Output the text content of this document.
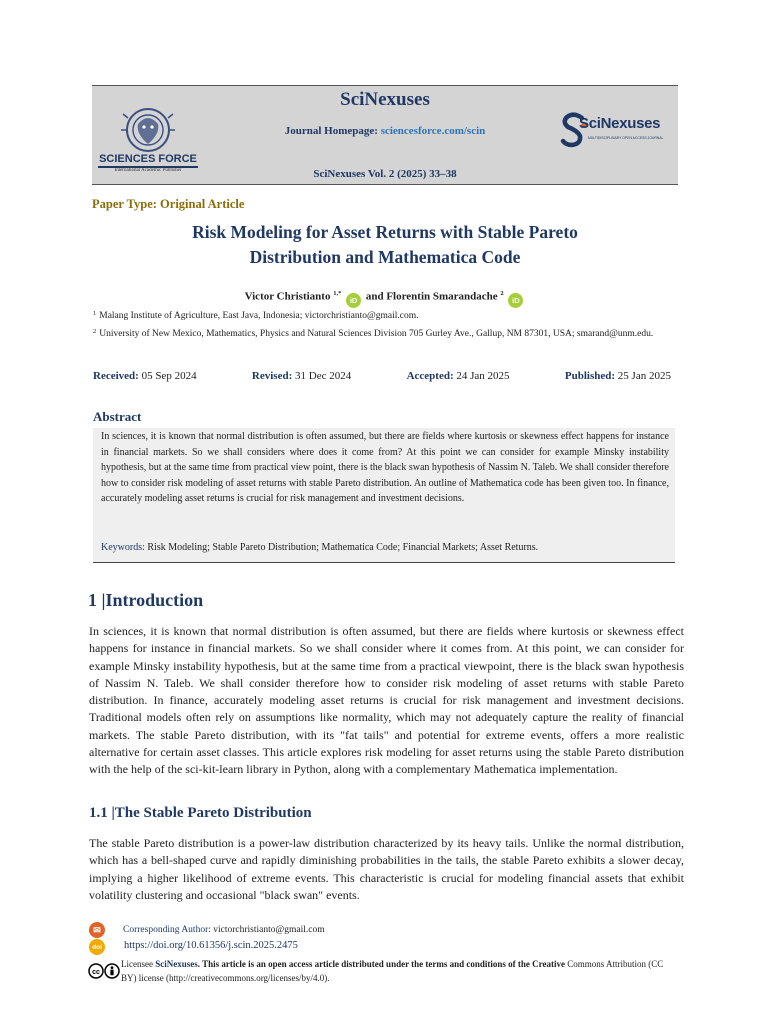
SciNexuses
Journal Homepage: sciencesforce.com/scin
SciNexuses Vol. 2 (2025) 33–38
SCIENCES FORCE
International Academic Publisher
SciNexuses
MULTIDISCIPLINARY OPEN ACCESS JOURNAL
Paper Type: Original Article
Risk Modeling for Asset Returns with Stable Pareto
Distribution and Mathematica Code
Victor Christianto $^{1,*}$ iD and Florentin Smarandache $^2$ iD
$^1$ Malang Institute of Agriculture, East Java, Indonesia; victorchristianto@gmail.com.
$^2$ University of New Mexico, Mathematics, Physics and Natural Sciences Division 705 Gurley Ave., Gallup, NM 87301, USA; smarand@unm.edu.
Received: 05 Sep 2024	Revised: 31 Dec 2024	Accepted: 24 Jan 2025	Published: 25 Jan 2025
Abstract
In sciences, it is known that normal distribution is often assumed, but there are fields where kurtosis or skewness effect happens for instance in financial markets. So we shall considers where does it come from? At this point we can consider for example Minsky instability hypothesis, but at the same time from practical view point, there is the black swan hypothesis of Nassim N. Taleb. We shall consider therefore how to consider risk modeling of asset returns with stable Pareto distribution. An outline of Mathematica code has been given too. In finance, accurately modeling asset returns is crucial for risk management and investment decisions.
Keywords: Risk Modeling; Stable Pareto Distribution; Mathematica Code; Financial Markets; Asset Returns.
1 |Introduction
In sciences, it is known that normal distribution is often assumed, but there are fields where kurtosis or skewness effect happens for instance in financial markets. So we shall consider where it comes from. At this point, we can consider for example Minsky instability hypothesis, but at the same time from a practical viewpoint, there is the black swan hypothesis of Nassim N. Taleb. We shall consider therefore how to consider risk modeling of asset returns with stable Pareto distribution. In finance, accurately modeling asset returns is crucial for risk management and investment decisions. Traditional models often rely on assumptions like normality, which may not adequately capture the reality of financial markets. The stable Pareto distribution, with its "fat tails" and potential for extreme events, offers a more realistic alternative for certain asset classes. This article explores risk modeling for asset returns using the stable Pareto distribution with the help of the sci-kit-learn library in Python, along with a complementary Mathematica implementation.
1.1 |The Stable Pareto Distribution
The stable Pareto distribution is a power-law distribution characterized by its heavy tails. Unlike the normal distribution, which has a bell-shaped curve and rapidly diminishing probabilities in the tails, the stable Pareto exhibits a slower decay, implying a higher likelihood of extreme events. This characteristic is crucial for modeling financial assets that exhibit volatility clustering and occasional "black swan" events.
✉	Corresponding Author: victorchristianto@gmail.com
doi https://doi.org/10.61356/j.scin.2025.2475
cc
Licensee SciNexuses. This article is an open access article distributed under the terms and conditions of the Creative Commons Attribution (CC BY) license (http://creativecommons.org/licenses/by/4.0).
